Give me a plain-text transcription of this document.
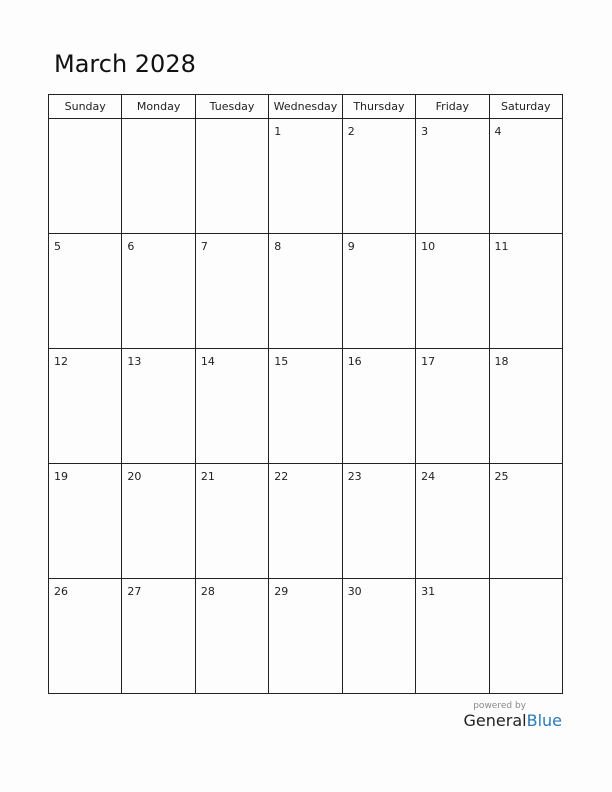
March 2028
Sunday	Monday	Tuesday	Wednesday	Thursday	Friday	Saturday

			1	2	3	4

5	6	7	8	9	10	11

12	13	14	15	16	17	18

19	20	21	22	23	24	25

26	27	28	29	30	31	

powered by
GeneralBlue
